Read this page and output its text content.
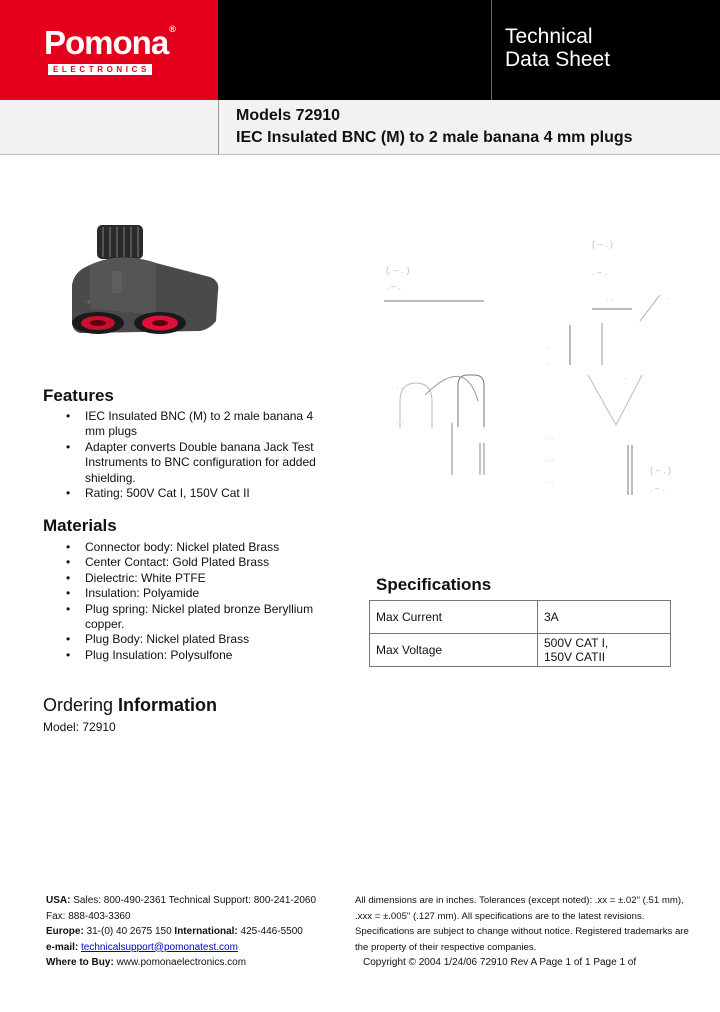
Pomona®
ELECTRONICS
Technical
Data Sheet
Models 72910
IEC Insulated BNC (M) to 2 male banana 4 mm plugs
+
(. – . )
. – .
( – . )
. – .
. .
.
.
. .
. .
. .
. .
. .
( – . )
. – .
.
.
Features
• IEC Insulated BNC (M) to 2 male banana 4 mm plugs
• Adapter converts Double banana Jack Test Instruments to BNC configuration for added shielding.
• Rating: 500V Cat I, 150V Cat II
Materials
• Connector body: Nickel plated Brass
• Center Contact: Gold Plated Brass
• Dielectric: White PTFE
• Insulation: Polyamide
• Plug spring: Nickel plated bronze Beryllium copper.
• Plug Body: Nickel plated Brass
• Plug Insulation: Polysulfone
Ordering Information
Model: 72910
Specifications
Max Current	3A
Max Voltage	500V CAT I,
150V CATII
USA: Sales: 800-490-2361 Technical Support: 800-241-2060 Fax: 888-403-3360
Europe: 31-(0) 40 2675 150 International: 425-446-5500
e-mail: technicalsupport@pomonatest.com
Where to Buy: www.pomonaelectronics.com
All dimensions are in inches. Tolerances (except noted): .xx = ±.02" (.51 mm), .xxx = ±.005" (.127 mm). All specifications are to the latest revisions. Specifications are subject to change without notice. Registered trademarks are the property of their respective companies.
Copyright © 2004 1/24/06 72910 Rev A Page 1 of 1 Page 1 of
